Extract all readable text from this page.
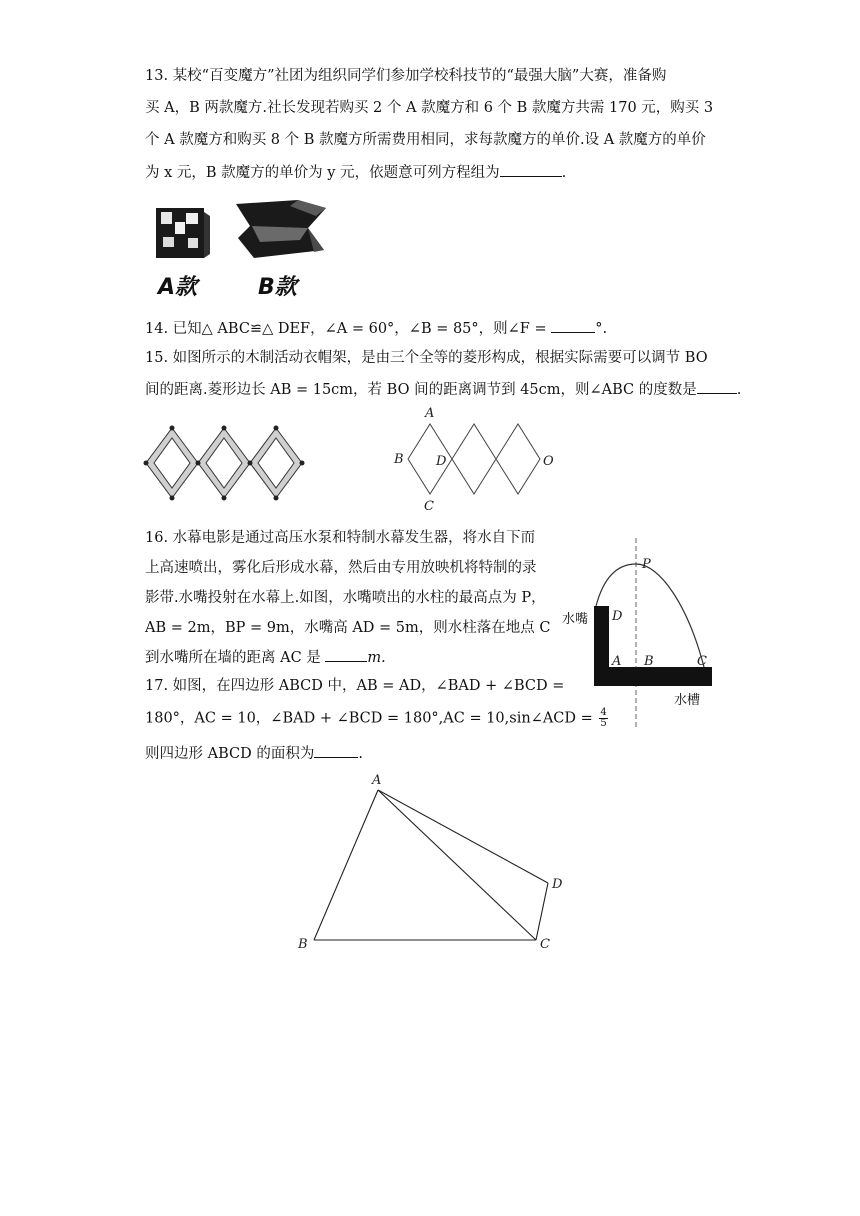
13. 某校“百变魔方”社团为组织同学们参加学校科技节的“最强大脑”大赛，准备购
买 A，B 两款魔方.社长发现若购买 2 个 A 款魔方和 6 个 B 款魔方共需 170 元，购买 3
个 A 款魔方和购买 8 个 B 款魔方所需费用相同，求每款魔方的单价.设 A 款魔方的单价
为 x 元，B 款魔方的单价为 y 元，依题意可列方程组为	.
A款	B款
14. 已知△ ABC≌△ DEF，∠A = 60°，∠B = 85°，则∠F =	°.
15. 如图所示的木制活动衣帽架，是由三个全等的菱形构成，根据实际需要可以调节 BO
间的距离.菱形边长 AB = 15cm，若 BO 间的距离调节到 45cm，则∠ABC 的度数是	.
A
B D
C
O
16. 水幕电影是通过高压水泵和特制水幕发生器，将水自下而
上高速喷出，雾化后形成水幕，然后由专用放映机将特制的录
影带.水嘴投射在水幕上.如图，水嘴喷出的水柱的最高点为 P，
AB = 2m，BP = 9m，水嘴高 AD = 5m，则水柱落在地点 C
到水嘴所在墙的距离 AC 是	m.
P
D
A B	C
水嘴
水槽
17. 如图，在四边形 ABCD 中，AB = AD，∠BAD + ∠BCD =
180°，AC = 10，∠BAD + ∠BCD = 180°,AC = 10,sin∠ACD = $\frac{4}{5}$
则四边形 ABCD 的面积为	.
A
B	C
D
